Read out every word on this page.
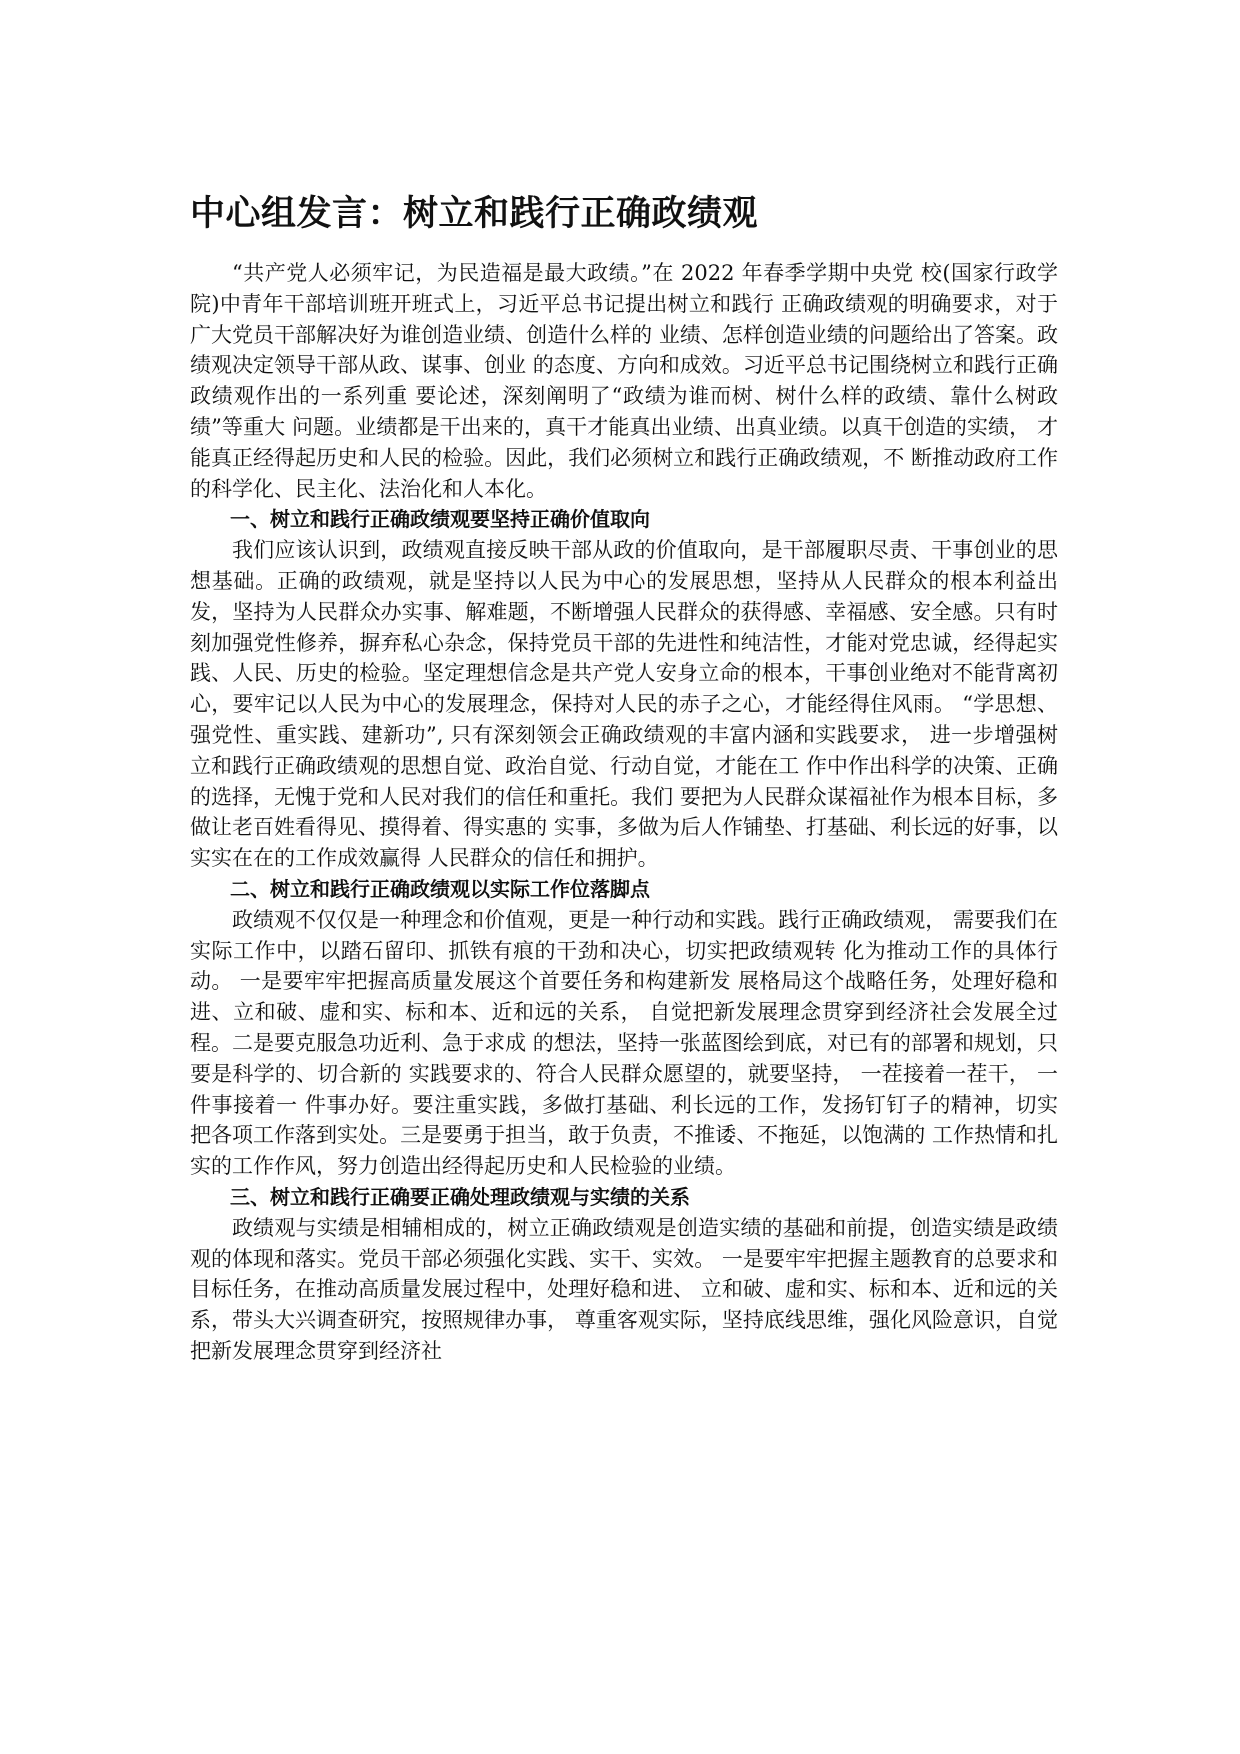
中心组发言：树立和践行正确政绩观

“共产党人必须牢记，为民造福是最大政绩。”在 2022 年春季学期中央党 校(国家行政学院)中青年干部培训班开班式上，习近平总书记提出树立和践行 正确政绩观的明确要求，对于广大党员干部解决好为谁创造业绩、创造什么样的 业绩、怎样创造业绩的问题给出了答案。政绩观决定领导干部从政、谋事、创业 的态度、方向和成效。习近平总书记围绕树立和践行正确政绩观作出的一系列重 要论述，深刻阐明了“政绩为谁而树、树什么样的政绩、靠什么树政绩”等重大 问题。业绩都是干出来的，真干才能真出业绩、出真业绩。以真干创造的实绩， 才能真正经得起历史和人民的检验。因此，我们必须树立和践行正确政绩观，不 断推动政府工作的科学化、民主化、法治化和人本化。

一、树立和践行正确政绩观要坚持正确价值取向

我们应该认识到，政绩观直接反映干部从政的价值取向，是干部履职尽责、干事创业的思想基础。正确的政绩观，就是坚持以人民为中心的发展思想，坚持从人民群众的根本利益出发，坚持为人民群众办实事、解难题，不断增强人民群众的获得感、幸福感、安全感。只有时刻加强党性修养，摒弃私心杂念，保持党员干部的先进性和纯洁性，才能对党忠诚，经得起实践、人民、历史的检验。坚定理想信念是共产党人安身立命的根本，干事创业绝对不能背离初心，要牢记以人民为中心的发展理念，保持对人民的赤子之心，才能经得住风雨。 “学思想、 强党性、重实践、建新功”, 只有深刻领会正确政绩观的丰富内涵和实践要求， 进一步增强树立和践行正确政绩观的思想自觉、政治自觉、行动自觉，才能在工 作中作出科学的决策、正确的选择，无愧于党和人民对我们的信任和重托。我们 要把为人民群众谋福祉作为根本目标，多做让老百姓看得见、摸得着、得实惠的 实事，多做为后人作铺垫、打基础、利长远的好事，以实实在在的工作成效赢得 人民群众的信任和拥护。

二、树立和践行正确政绩观以实际工作位落脚点

政绩观不仅仅是一种理念和价值观，更是一种行动和实践。践行正确政绩观， 需要我们在实际工作中，以踏石留印、抓铁有痕的干劲和决心，切实把政绩观转 化为推动工作的具体行动。 一是要牢牢把握高质量发展这个首要任务和构建新发 展格局这个战略任务，处理好稳和进、立和破、虚和实、标和本、近和远的关系， 自觉把新发展理念贯穿到经济社会发展全过程。二是要克服急功近利、急于求成 的想法，坚持一张蓝图绘到底，对已有的部署和规划，只要是科学的、切合新的 实践要求的、符合人民群众愿望的，就要坚持， 一茬接着一茬干， 一件事接着一 件事办好。要注重实践，多做打基础、利长远的工作，发扬钉钉子的精神，切实 把各项工作落到实处。三是要勇于担当，敢于负责，不推诿、不拖延，以饱满的 工作热情和扎实的工作作风，努力创造出经得起历史和人民检验的业绩。

三、树立和践行正确要正确处理政绩观与实绩的关系

政绩观与实绩是相辅相成的，树立正确政绩观是创造实绩的基础和前提，创造实绩是政绩观的体现和落实。党员干部必须强化实践、实干、实效。 一是要牢牢把握主题教育的总要求和目标任务，在推动高质量发展过程中，处理好稳和进、 立和破、虚和实、标和本、近和远的关系，带头大兴调查研究，按照规律办事， 尊重客观实际，坚持底线思维，强化风险意识，自觉把新发展理念贯穿到经济社
